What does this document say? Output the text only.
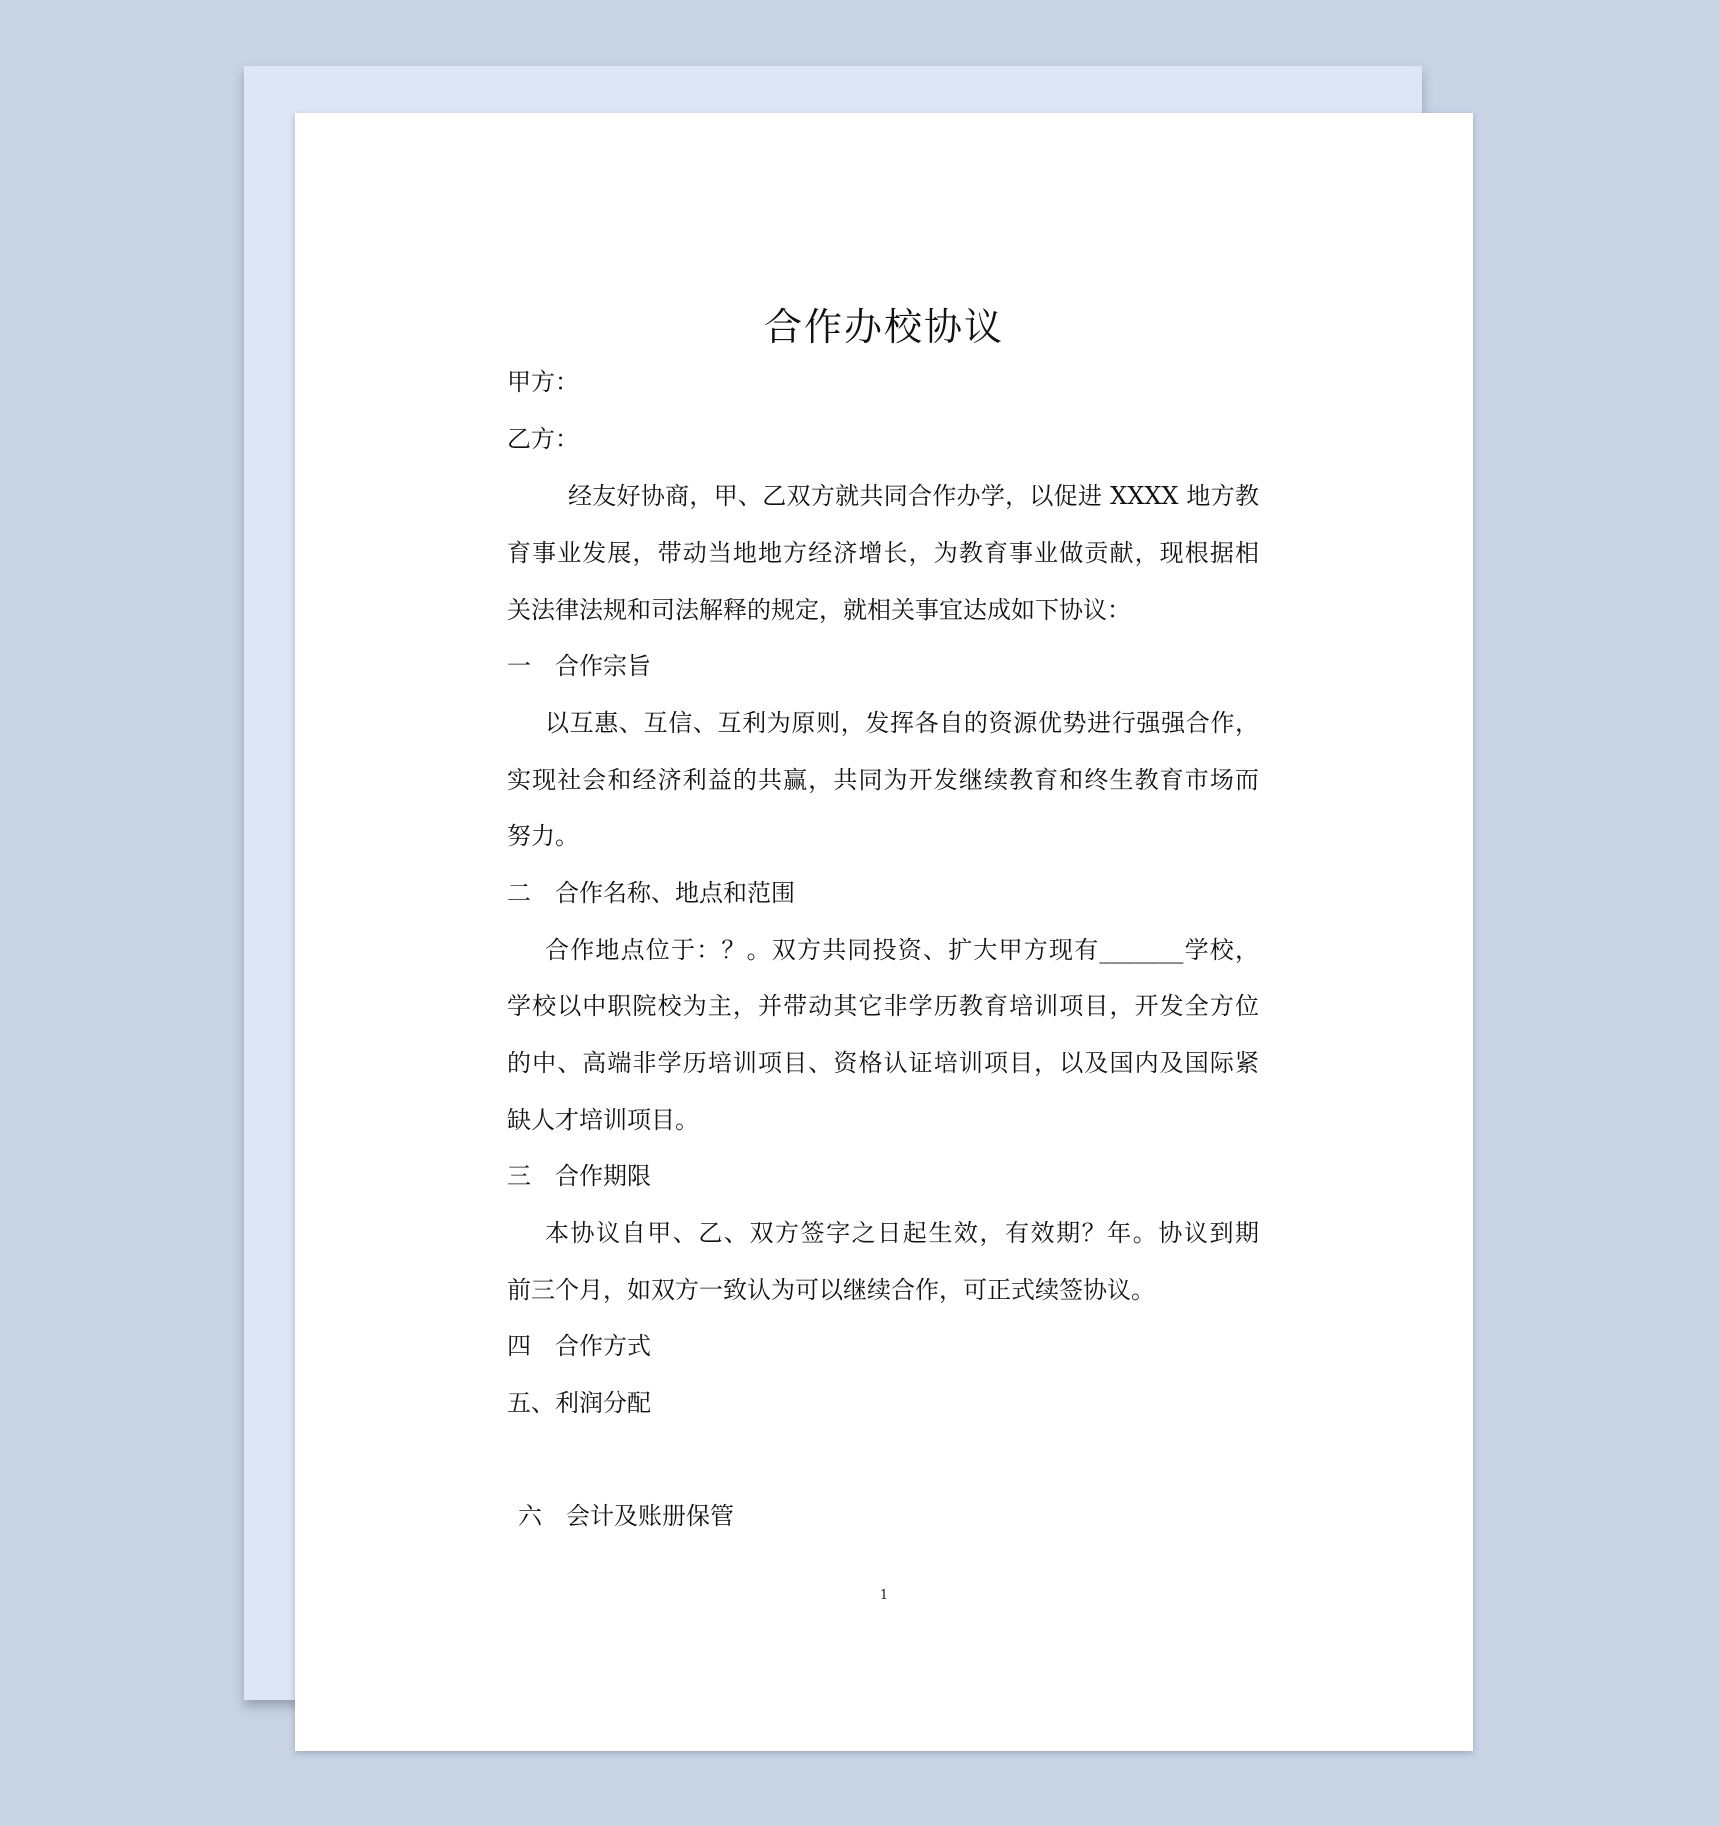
合作办校协议
甲方：
乙方：
经友好协商，甲、乙双方就共同合作办学，以促进 XXXX 地方教
育事业发展，带动当地地方经济增长，为教育事业做贡献，现根据相
关法律法规和司法解释的规定，就相关事宜达成如下协议：
一　合作宗旨
以互惠、互信、互利为原则，发挥各自的资源优势进行强强合作，
实现社会和经济利益的共赢，共同为开发继续教育和终生教育市场而
努力。
二　合作名称、地点和范围
合作地点位于：？。双方共同投资、扩大甲方现有_______学校，
学校以中职院校为主，并带动其它非学历教育培训项目，开发全方位
的中、高端非学历培训项目、资格认证培训项目，以及国内及国际紧
缺人才培训项目。
三　合作期限
本协议自甲、乙、双方签字之日起生效，有效期？年。协议到期
前三个月，如双方一致认为可以继续合作，可正式续签协议。
四　合作方式
五、利润分配
六　会计及账册保管
1
